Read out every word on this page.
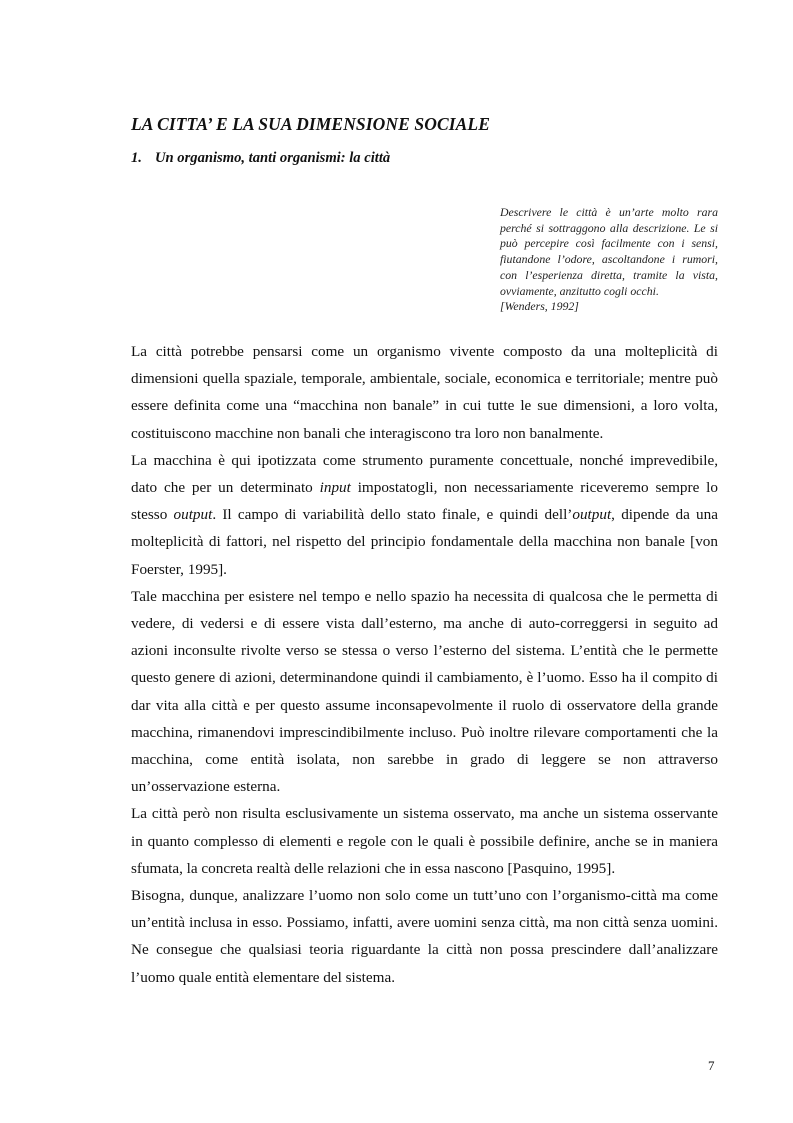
LA CITTA’ E LA SUA DIMENSIONE SOCIALE
1. Un organismo, tanti organismi: la città

Descrivere le città è un’arte molto rara perché si sottraggono alla descrizione. Le si può percepire così facilmente con i sensi, fiutandone l’odore, ascoltandone i rumori, con l’esperienza diretta, tramite la vista, ovviamente, anzitutto cogli occhi.

[Wenders, 1992]

La città potrebbe pensarsi come un organismo vivente composto da una molteplicità di dimensioni quella spaziale, temporale, ambientale, sociale, economica e territoriale; mentre può essere definita come una “macchina non banale” in cui tutte le sue dimensioni, a loro volta, costituiscono macchine non banali che interagiscono tra loro non banalmente.

La macchina è qui ipotizzata come strumento puramente concettuale, nonché imprevedibile, dato che per un determinato input impostatogli, non necessariamente riceveremo sempre lo stesso output. Il campo di variabilità dello stato finale, e quindi dell’output, dipende da una molteplicità di fattori, nel rispetto del principio fondamentale della macchina non banale [von Foerster, 1995].

Tale macchina per esistere nel tempo e nello spazio ha necessita di qualcosa che le permetta di vedere, di vedersi e di essere vista dall’esterno, ma anche di auto-correggersi in seguito ad azioni inconsulte rivolte verso se stessa o verso l’esterno del sistema. L’entità che le permette questo genere di azioni, determinandone quindi il cambiamento, è l’uomo. Esso ha il compito di dar vita alla città e per questo assume inconsapevolmente il ruolo di osservatore della grande macchina, rimanendovi imprescindibilmente incluso. Può inoltre rilevare comportamenti che la macchina, come entità isolata, non sarebbe in grado di leggere se non attraverso un’osservazione esterna.

La città però non risulta esclusivamente un sistema osservato, ma anche un sistema osservante in quanto complesso di elementi e regole con le quali è possibile definire, anche se in maniera sfumata, la concreta realtà delle relazioni che in essa nascono [Pasquino, 1995].

Bisogna, dunque, analizzare l’uomo non solo come un tutt’uno con l’organismo-città ma come un’entità inclusa in esso. Possiamo, infatti, avere uomini senza città, ma non città senza uomini. Ne consegue che qualsiasi teoria riguardante la città non possa prescindere dall’analizzare l’uomo quale entità elementare del sistema.

7
